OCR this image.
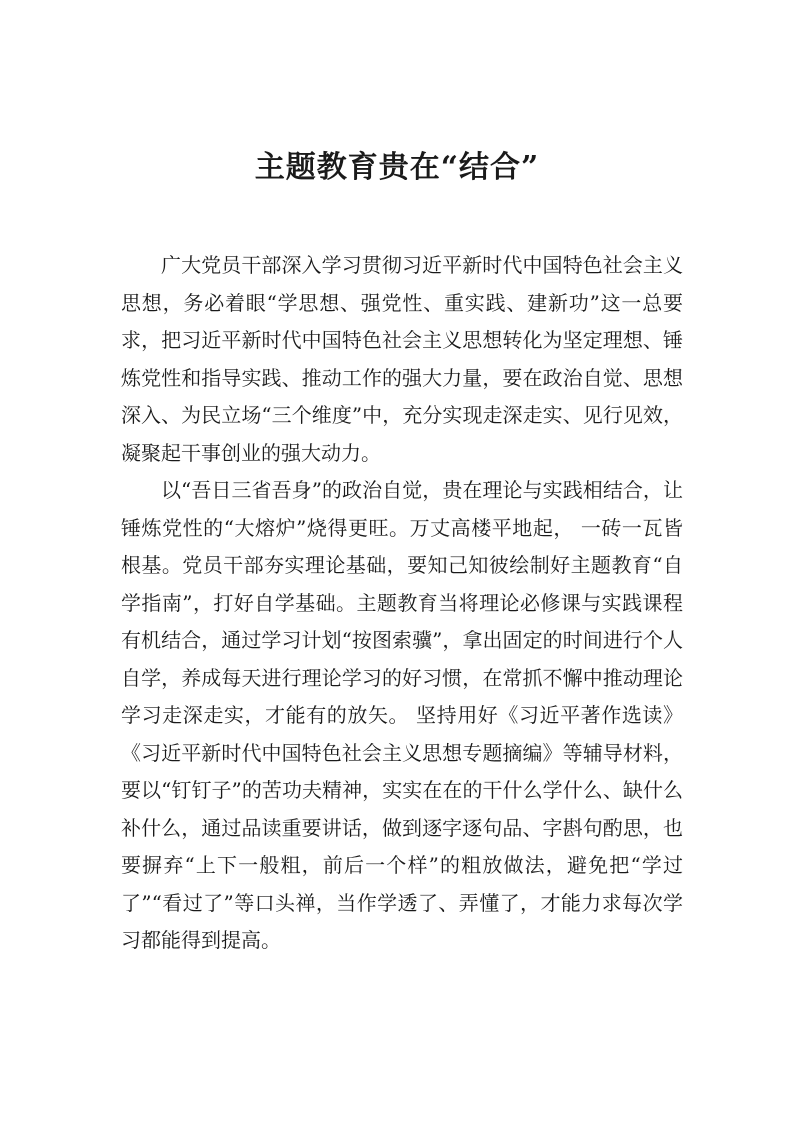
主题教育贵在“结合”

广大党员干部深入学习贯彻习近平新时代中国特色社会主义思想，务必着眼“学思想、强党性、重实践、建新功”这一总要求，把习近平新时代中国特色社会主义思想转化为坚定理想、锤炼党性和指导实践、推动工作的强大力量，要在政治自觉、思想深入、为民立场“三个维度”中，充分实现走深走实、见行见效，凝聚起干事创业的强大动力。

以“吾日三省吾身”的政治自觉，贵在理论与实践相结合，让锤炼党性的“大熔炉”烧得更旺。万丈高楼平地起， 一砖一瓦皆根基。党员干部夯实理论基础，要知己知彼绘制好主题教育“自学指南”，打好自学基础。主题教育当将理论必修课与实践课程有机结合，通过学习计划“按图索骥”，拿出固定的时间进行个人自学，养成每天进行理论学习的好习惯，在常抓不懈中推动理论学习走深走实，才能有的放矢。 坚持用好《习近平著作选读》《习近平新时代中国特色社会主义思想专题摘编》等辅导材料，要以“钉钉子”的苦功夫精神，实实在在的干什么学什么、缺什么补什么，通过品读重要讲话，做到逐字逐句品、字斟句酌思，也要摒弃“上下一般粗，前后一个样”的粗放做法，避免把“学过了”“看过了”等口头禅，当作学透了、弄懂了，才能力求每次学习都能得到提高。
